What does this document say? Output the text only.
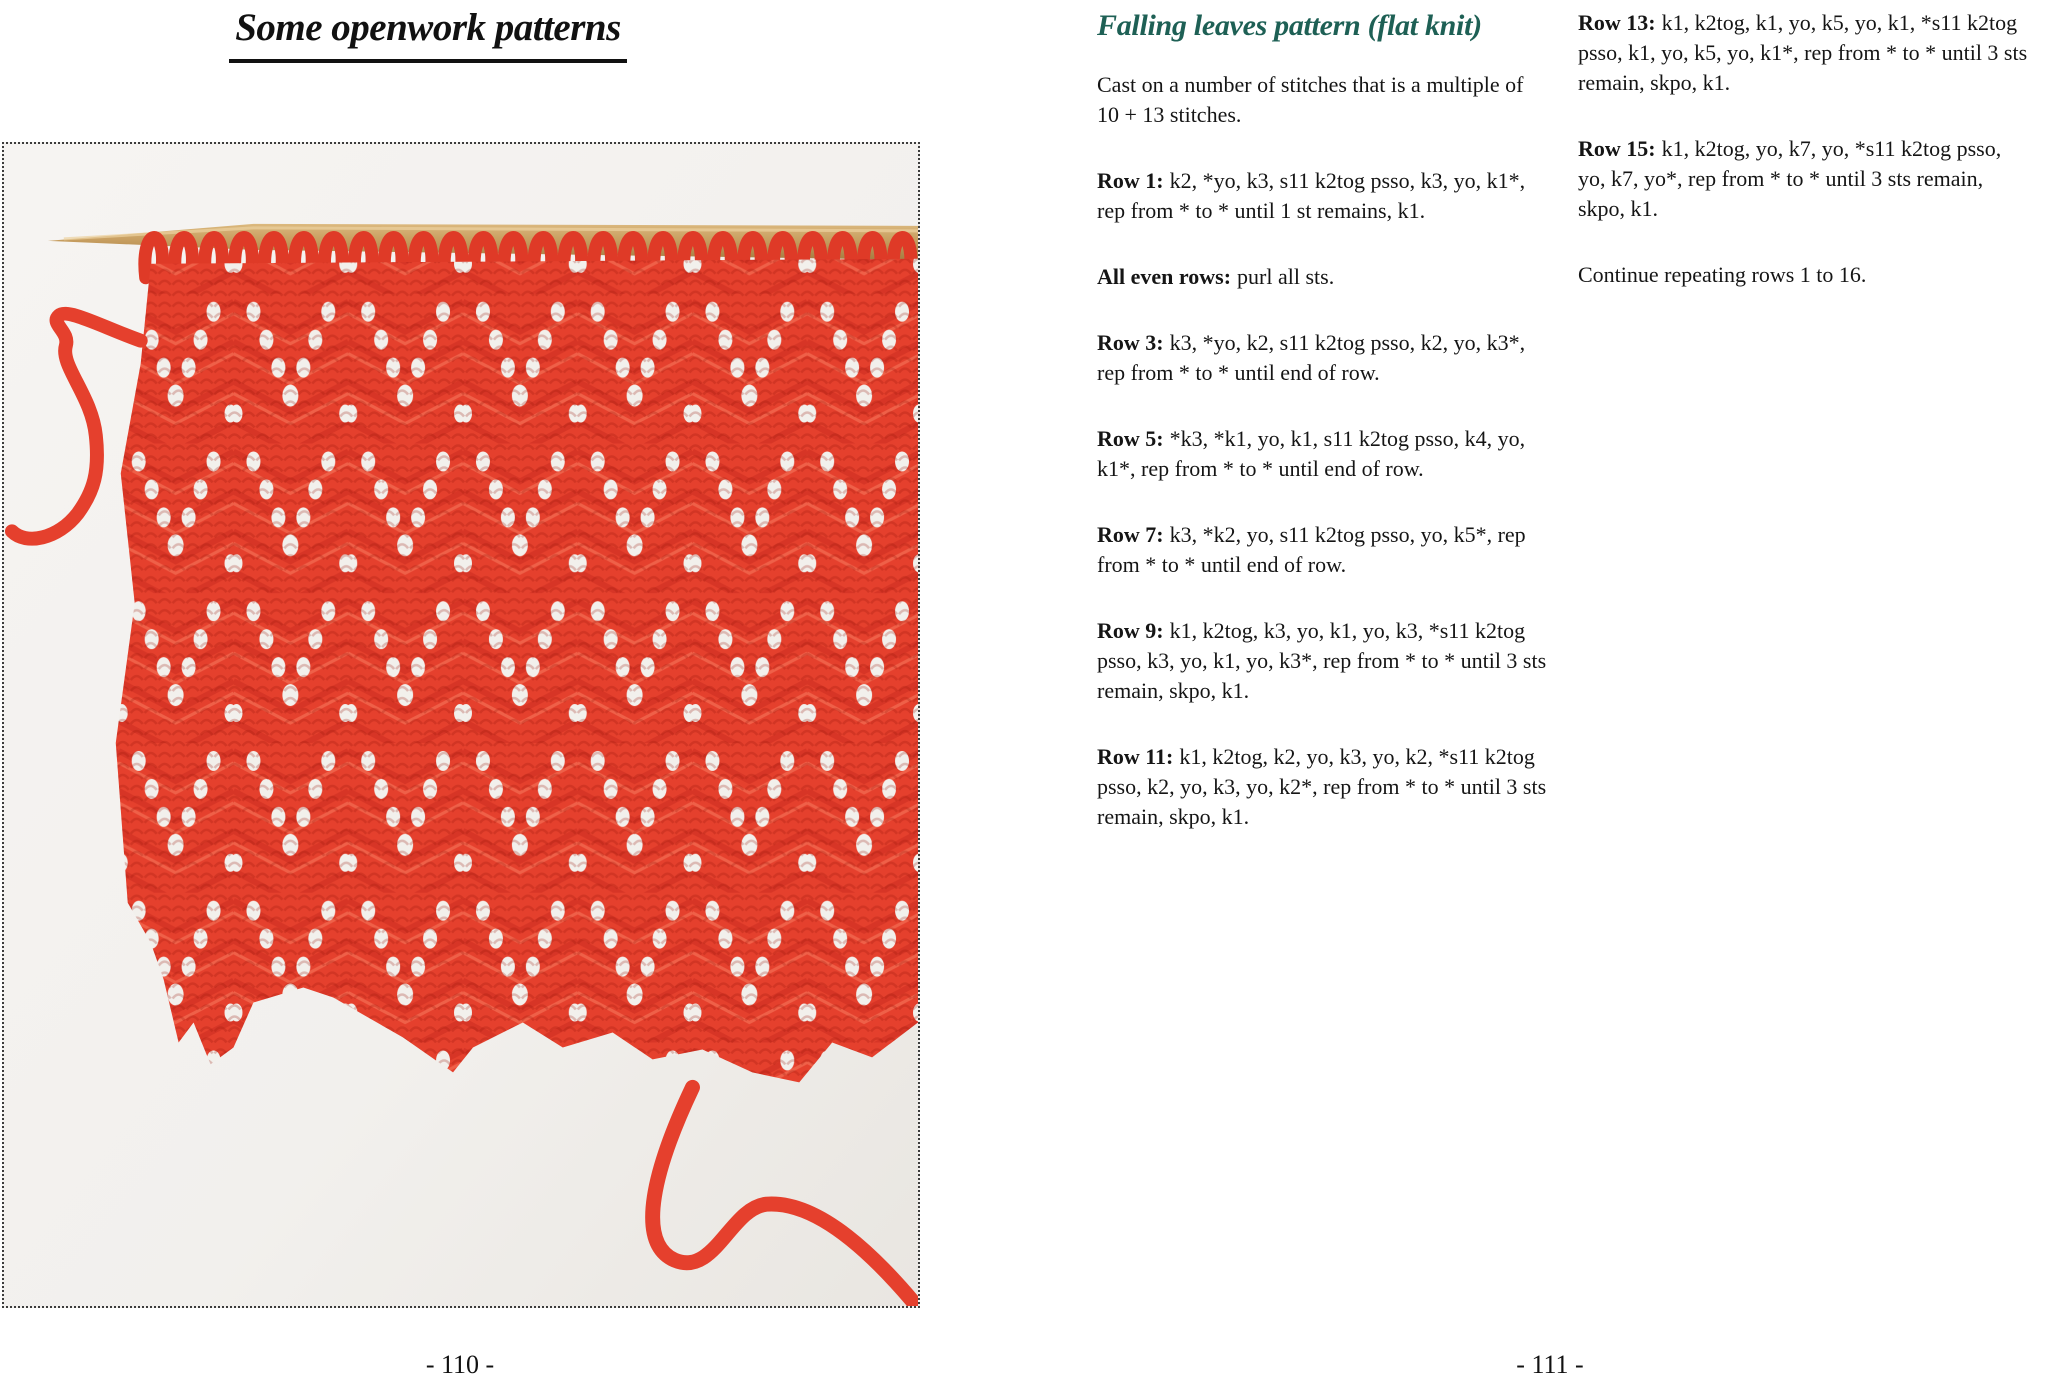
Some openwork patterns
- 110 -
Falling leaves pattern (flat knit)

Cast on a number of stitches that is a multiple of 10 + 13 stitches.

Row 1: k2, *yo, k3, s11 k2tog psso, k3, yo, k1*, rep from * to * until 1 st remains, k1.

All even rows: purl all sts.

Row 3: k3, *yo, k2, s11 k2tog psso, k2, yo, k3*, rep from * to * until end of row.

Row 5: *k3, *k1, yo, k1, s11 k2tog psso, k4, yo, k1*, rep from * to * until end of row.

Row 7: k3, *k2, yo, s11 k2tog psso, yo, k5*, rep from * to * until end of row.

Row 9: k1, k2tog, k3, yo, k1, yo, k3, *s11 k2tog psso, k3, yo, k1, yo, k3*, rep from * to * until 3 sts remain, skpo, k1.

Row 11: k1, k2tog, k2, yo, k3, yo, k2, *s11 k2tog psso, k2, yo, k3, yo, k2*, rep from * to * until 3 sts remain, skpo, k1.

Row 13: k1, k2tog, k1, yo, k5, yo, k1, *s11 k2tog psso, k1, yo, k5, yo, k1*, rep from * to * until 3 sts remain, skpo, k1.

Row 15: k1, k2tog, yo, k7, yo, *s11 k2tog psso, yo, k7, yo*, rep from * to * until 3 sts remain, skpo, k1.

Continue repeating rows 1 to 16.

- 111 -
